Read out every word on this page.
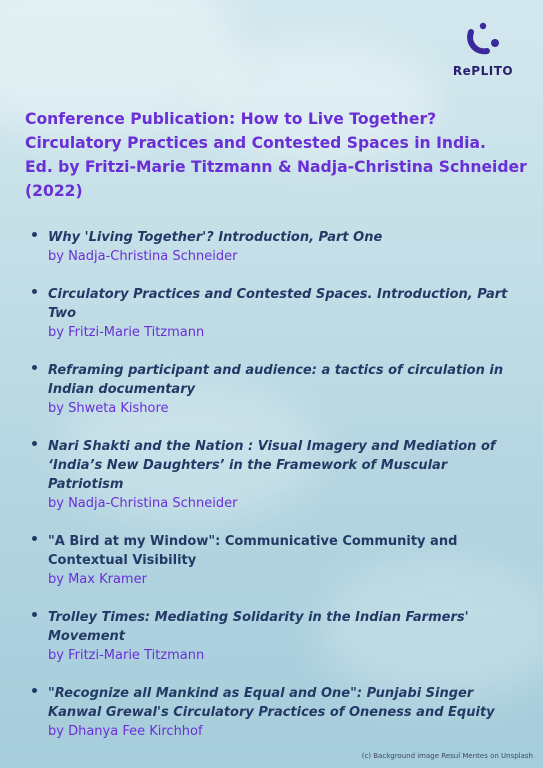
RePLITO
Conference Publication: How to Live Together?
Circulatory Practices and Contested Spaces in India.
Ed. by Fritzi-Marie Titzmann & Nadja-Christina Schneider
(2022)
Why 'Living Together'? Introduction, Part One
by Nadja-Christina Schneider
Circulatory Practices and Contested Spaces. Introduction, Part Two
by Fritzi-Marie Titzmann
Reframing participant and audience: a tactics of circulation in Indian documentary
by Shweta Kishore
Nari Shakti and the Nation : Visual Imagery and Mediation of ‘India’s New Daughters’ in the Framework of Muscular Patriotism
by Nadja-Christina Schneider
"A Bird at my Window": Communicative Community and Contextual Visibility
by Max Kramer
Trolley Times: Mediating Solidarity in the Indian Farmers' Movement
by Fritzi-Marie Titzmann
"Recognize all Mankind as Equal and One": Punjabi Singer Kanwal Grewal's Circulatory Practices of Oneness and Equity
by Dhanya Fee Kirchhof
(c) Background image Resul Mentes on Unsplash
